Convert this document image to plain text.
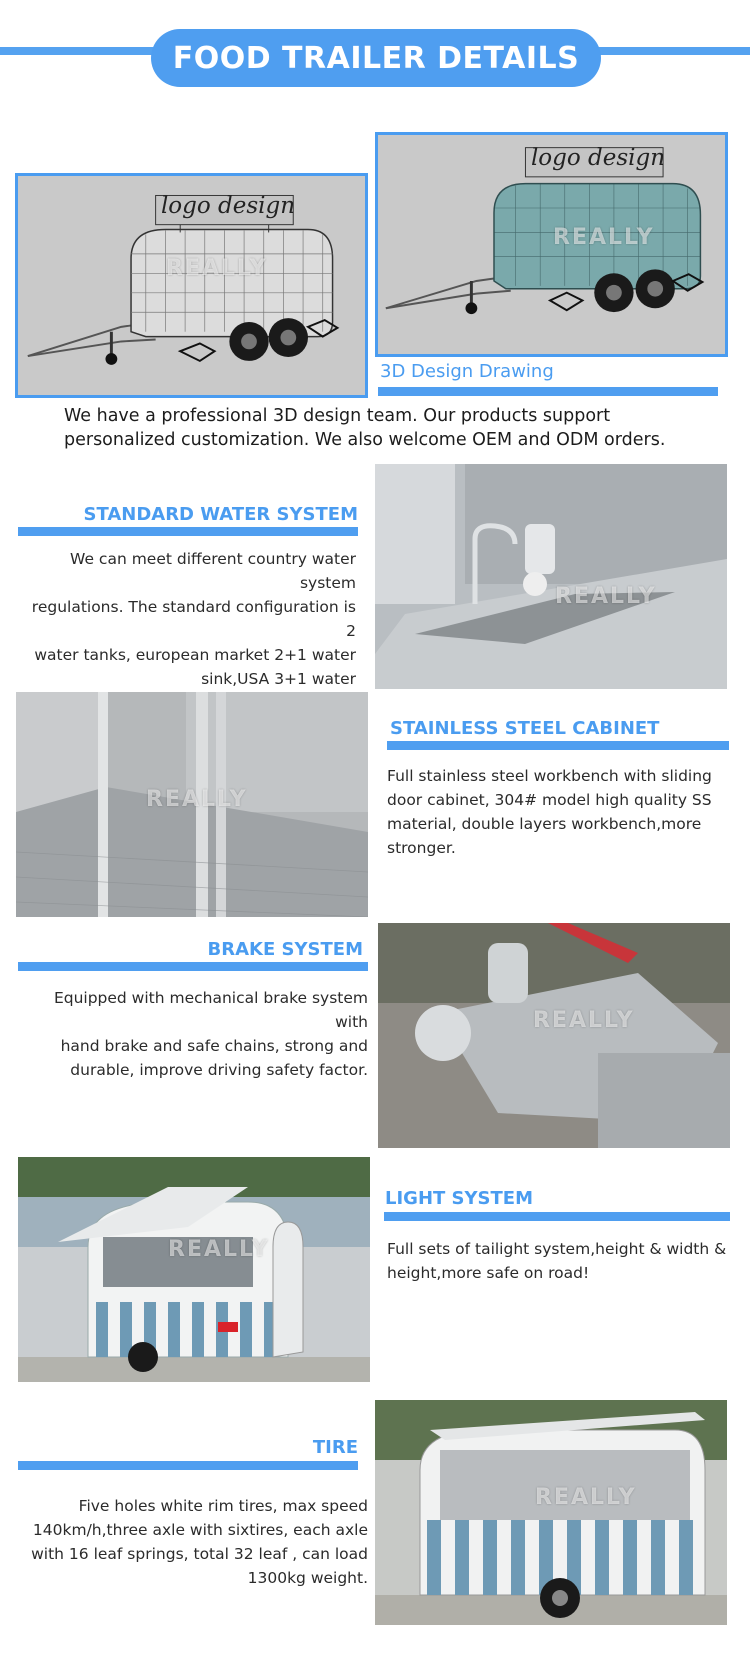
FOOD TRAILER DETAILS
REALLY
logo design
REALLY
logo design
3D Design Drawing
We have a professional 3D design team. Our products support personalized customization. We also welcome OEM and ODM orders.
STANDARD WATER SYSTEM
We can meet different country water system
regulations. The standard configuration is 2
water tanks, european market 2+1 water
sink,USA 3+1 water
REALLY
REALLY
STAINLESS STEEL CABINET
Full stainless steel workbench with sliding
door cabinet, 304# model high quality SS
material, double layers workbench,more
stronger.
BRAKE SYSTEM
Equipped with mechanical brake system with
hand brake and safe chains, strong and
durable, improve driving safety factor.
REALLY
REALLY
LIGHT SYSTEM
Full sets of tailight system,height & width &
height,more safe on road!
TIRE
Five holes white rim tires, max speed
140km/h,three axle with sixtires, each axle
with 16 leaf springs, total 32 leaf , can load
1300kg weight.
REALLY
